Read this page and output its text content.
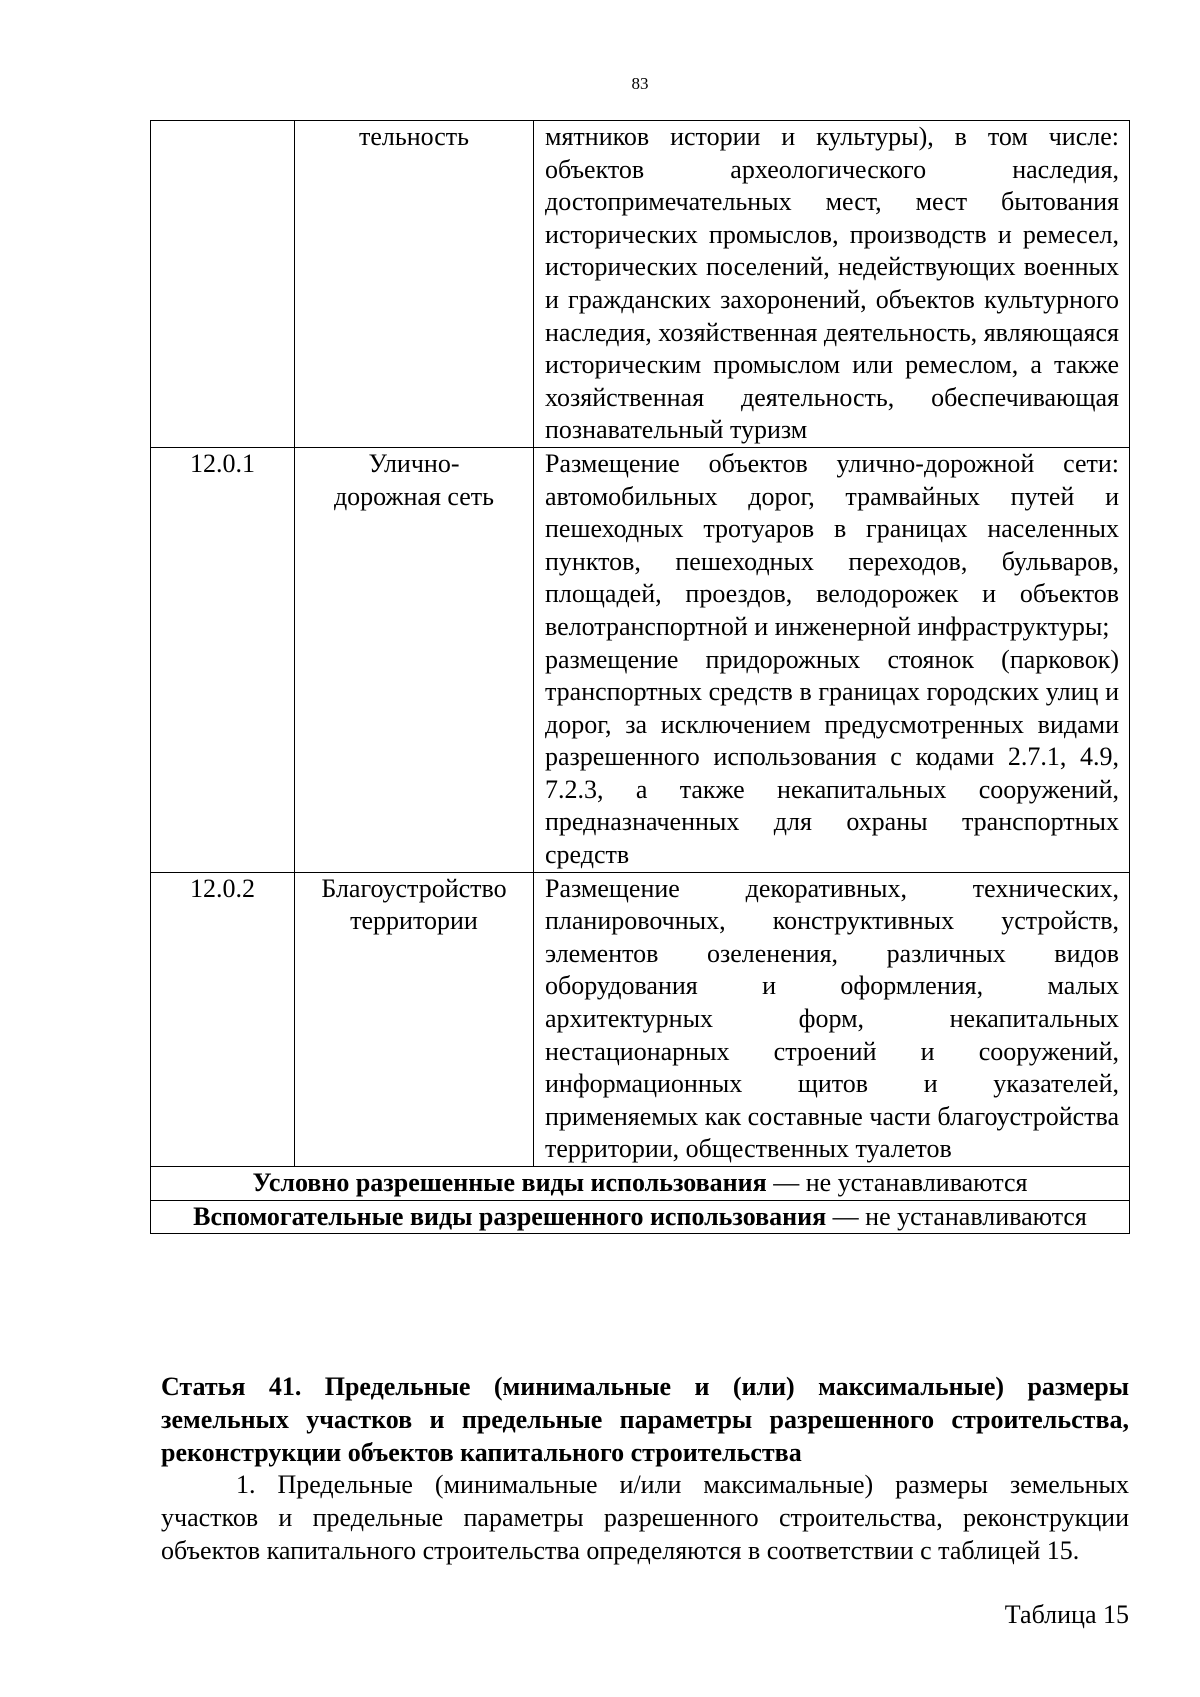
83
	тельность	мятников истории и культуры), в том числе: объектов археологического наследия, достопримечательных мест, мест бытования исторических промыслов, производств и ремесел, исторических поселений, недействующих военных и гражданских захоронений, объектов культурного наследия, хозяйственная деятельность, являющаяся историческим промыслом или ремеслом, а также хозяйственная деятельность, обеспечивающая познавательный туризм

12.0.1	Улично-дорожная сеть	Размещение объектов улично-дорожной сети: автомобильных дорог, трамвайных путей и пешеходных тротуаров в границах населенных пунктов, пешеходных переходов, бульваров, площадей, проездов, велодорожек и объектов велотранспортной и инженерной инфраструктуры;
размещение придорожных стоянок (парковок) транспортных средств в границах городских улиц и дорог, за исключением предусмотренных видами разрешенного использования с кодами 2.7.1, 4.9, 7.2.3, а также некапитальных сооружений, предназначенных для охраны транспортных средств

12.0.2	Благоустройство территории	Размещение декоративных, технических, планировочных, конструктивных устройств, элементов озеленения, различных видов оборудования и оформления, малых архитектурных форм, некапитальных нестационарных строений и сооружений, информационных щитов и указателей, применяемых как составные части благоустройства территории, общественных туалетов

Условно разрешенные виды использования — не устанавливаются		
Вспомогательные виды разрешенного использования — не устанавливаются		
Статья 41. Предельные (минимальные и (или) максимальные) размеры земельных участков и предельные параметры разрешенного строительства, реконструкции объектов капитального строительства
1. Предельные (минимальные и/или максимальные) размеры земельных участков и предельные параметры разрешенного строительства, реконструкции объектов капитального строительства определяются в соответствии с таблицей 15.
Таблица 15
